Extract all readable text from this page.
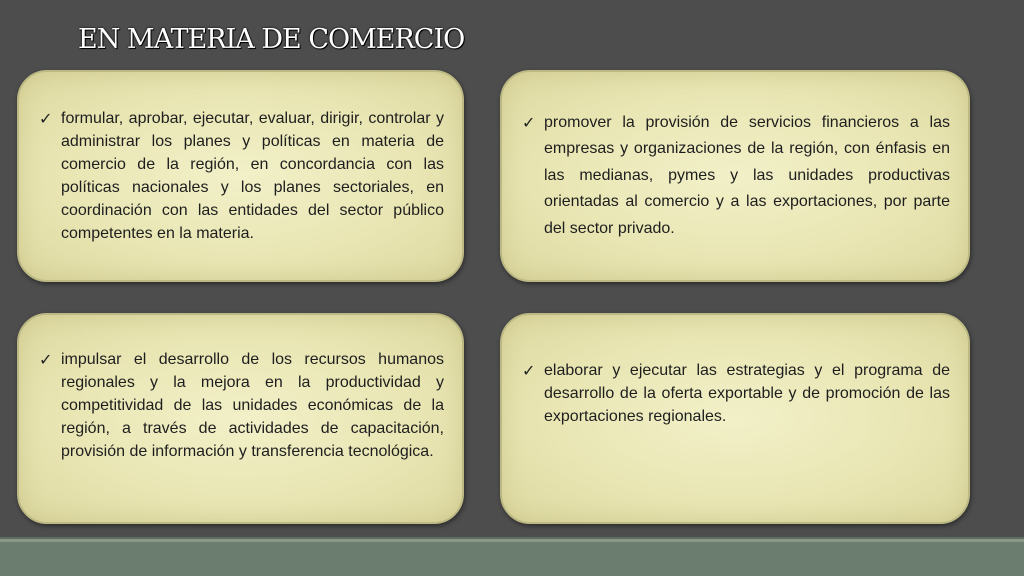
EN MATERIA DE COMERCIO
✓ formular, aprobar, ejecutar, evaluar, dirigir, controlar y administrar los planes y políticas en materia de comercio de la región, en concordancia con las políticas nacionales y los planes sectoriales, en coordinación con las entidades del sector público competentes en la materia.

✓ promover la provisión de servicios financieros a las empresas y organizaciones de la región, con énfasis en las medianas, pymes y las unidades productivas orientadas al comercio y a las exportaciones, por parte del sector privado.

✓ impulsar el desarrollo de los recursos humanos regionales y la mejora en la productividad y competitividad de las unidades económicas de la región, a través de actividades de capacitación, provisión de información y transferencia tecnológica.

✓ elaborar y ejecutar las estrategias y el programa de desarrollo de la oferta exportable y de promoción de las exportaciones regionales.
